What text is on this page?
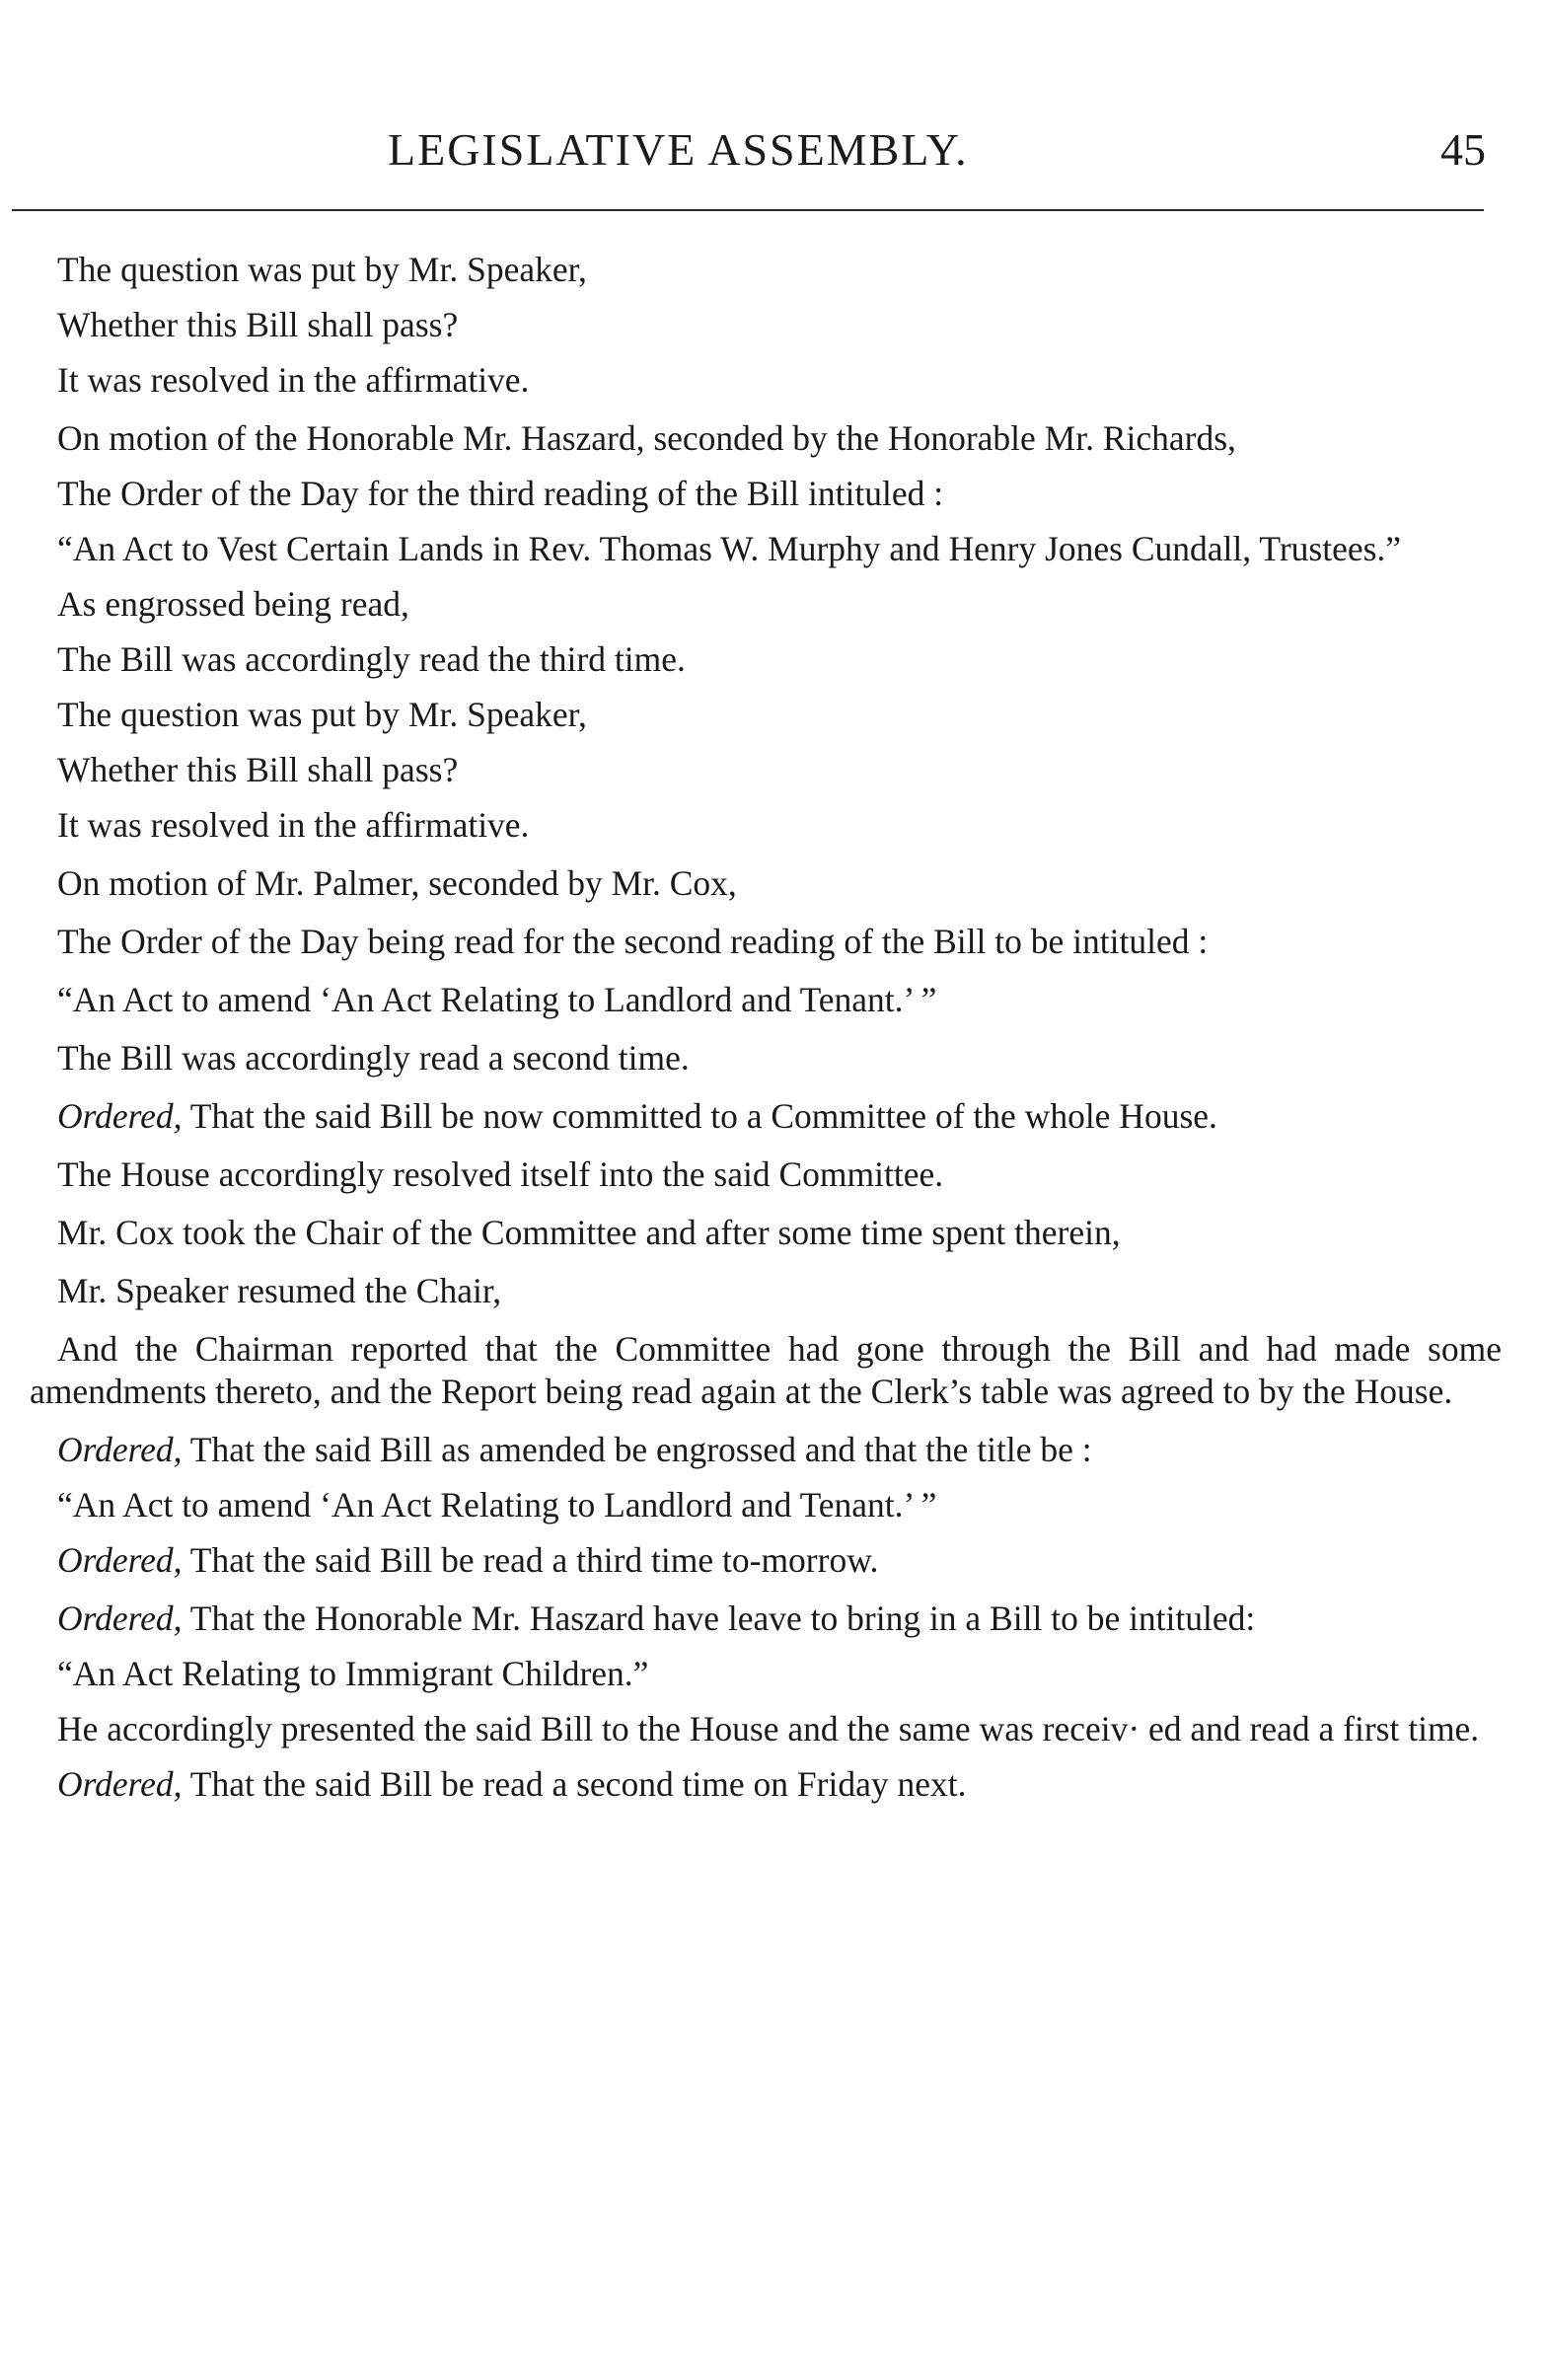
LEGISLATIVE ASSEMBLY.	45

The question was put by Mr. Speaker,

Whether this Bill shall pass?

It was resolved in the affirmative.

On motion of the Honorable Mr. Haszard, seconded by the Honorable Mr. Richards,

The Order of the Day for the third reading of the Bill intituled :

“An Act to Vest Certain Lands in Rev. Thomas W. Murphy and Henry Jones Cundall, Trustees.”

As engrossed being read,

The Bill was accordingly read the third time.

The question was put by Mr. Speaker,

Whether this Bill shall pass?

It was resolved in the affirmative.

On motion of Mr. Palmer, seconded by Mr. Cox,

The Order of the Day being read for the second reading of the Bill to be intituled :

“An Act to amend ‘An Act Relating to Landlord and Tenant.’ ”

The Bill was accordingly read a second time.

Ordered, That the said Bill be now committed to a Committee of the whole House.

The House accordingly resolved itself into the said Committee.

Mr. Cox took the Chair of the Committee and after some time spent therein,

Mr. Speaker resumed the Chair,

And the Chairman reported that the Committee had gone through the Bill and had made some amendments thereto, and the Report being read again at the Clerk’s table was agreed to by the House.

Ordered, That the said Bill as amended be engrossed and that the title be :

“An Act to amend ‘An Act Relating to Landlord and Tenant.’ ”

Ordered, That the said Bill be read a third time to-morrow.

Ordered, That the Honorable Mr. Haszard have leave to bring in a Bill to be intituled:

“An Act Relating to Immigrant Children.”

He accordingly presented the said Bill to the House and the same was receiv· ed and read a first time.

Ordered, That the said Bill be read a second time on Friday next.
